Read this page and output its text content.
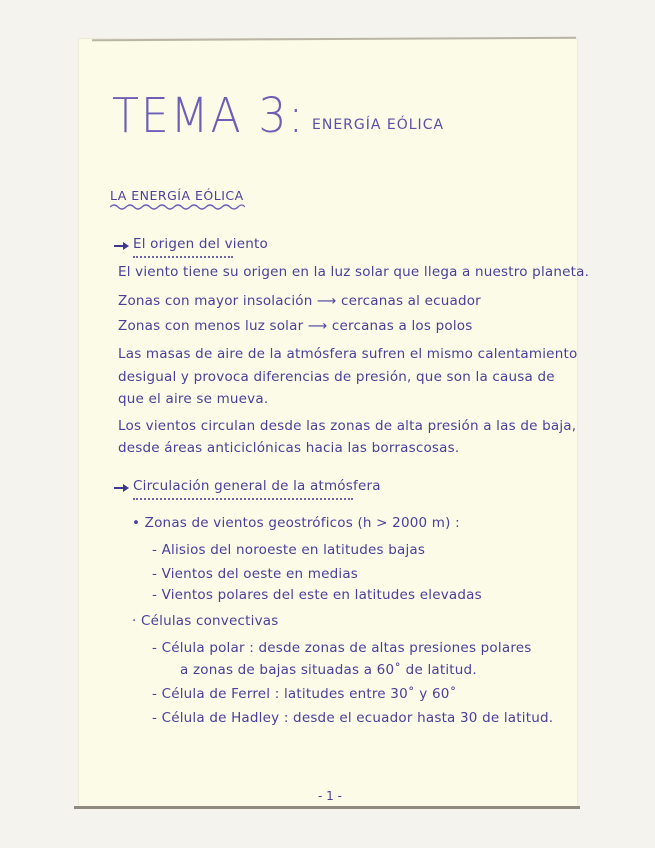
TEMA 3: ENERGÍA EÓLICA
LA ENERGÍA EÓLICA
El origen del viento
El viento tiene su origen en la luz solar que llega a nuestro planeta.
Zonas con mayor insolación ⟶ cercanas al ecuador
Zonas con menos luz solar ⟶ cercanas a los polos
Las masas de aire de la atmósfera sufren el mismo calentamiento
desigual y provoca diferencias de presión, que son la causa de
que el aire se mueva.
Los vientos circulan desde las zonas de alta presión a las de baja,
desde áreas anticiclónicas hacia las borrascosas.
Circulación general de la atmósfera
• Zonas de vientos geostróficos (h > 2000 m) :
- Alisios del noroeste en latitudes bajas
- Vientos del oeste en medias
- Vientos polares del este en latitudes elevadas
· Células convectivas
- Célula polar : desde zonas de altas presiones polares
a zonas de bajas situadas a 60˚ de latitud.
- Célula de Ferrel : latitudes entre 30˚ y 60˚
- Célula de Hadley : desde el ecuador hasta 30 de latitud.
- 1 -
